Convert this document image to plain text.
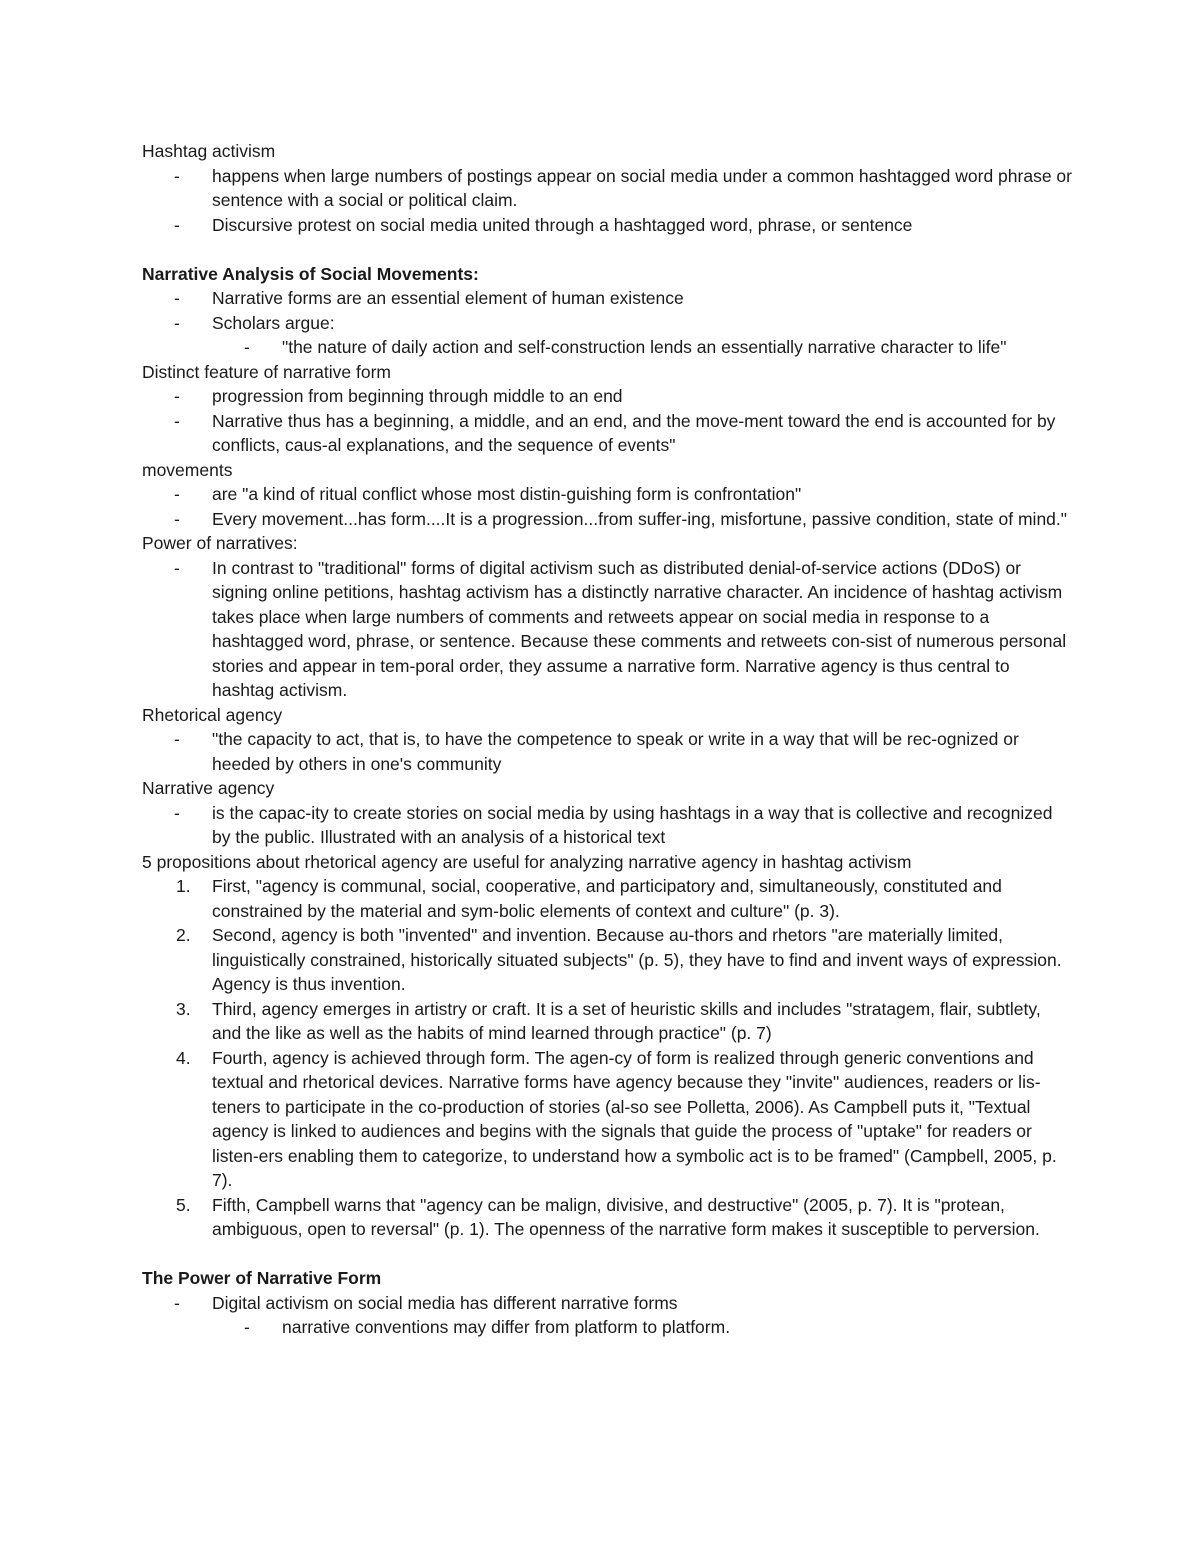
Hashtag activism

- happens when large numbers of postings appear on social media under a common hashtagged word phrase or sentence with a social or political claim.
- Discursive protest on social media united through a hashtagged word, phrase, or sentence

Narrative Analysis of Social Movements:

- Narrative forms are an essential element of human existence
- Scholars argue:
- "the nature of daily action and self-construction lends an essentially narrative character to life"

Distinct feature of narrative form

- progression from beginning through middle to an end
- Narrative thus has a beginning, a middle, and an end, and the move-ment toward the end is accounted for by conflicts, caus-al explanations, and the sequence of events"

movements

- are "a kind of ritual conflict whose most distin-guishing form is confrontation"
- Every movement...has form....It is a progression...from suffer-ing, misfortune, passive condition, state of mind."

Power of narratives:

- In contrast to "traditional" forms of digital activism such as distributed denial-of-service actions (DDoS) or signing online petitions, hashtag activism has a distinctly narrative character. An incidence of hashtag activism takes place when large numbers of comments and retweets appear on social media in response to a hashtagged word, phrase, or sentence. Because these comments and retweets con-sist of numerous personal stories and appear in tem-poral order, they assume a narrative form. Narrative agency is thus central to hashtag activism.

Rhetorical agency

- "the capacity to act, that is, to have the competence to speak or write in a way that will be rec-ognized or heeded by others in one's community

Narrative agency

- is the capac-ity to create stories on social media by using hashtags in a way that is collective and recognized by the public. Illustrated with an analysis of a historical text

5 propositions about rhetorical agency are useful for analyzing narrative agency in hashtag activism

1. First, "agency is communal, social, cooperative, and participatory and, simultaneously, constituted and constrained by the material and sym-bolic elements of context and culture" (p. 3).
2. Second, agency is both "invented" and invention. Because au-thors and rhetors "are materially limited, linguistically constrained, historically situated subjects" (p. 5), they have to find and invent ways of expression. Agency is thus invention.
3. Third, agency emerges in artistry or craft. It is a set of heuristic skills and includes "stratagem, flair, subtlety, and the like as well as the habits of mind learned through practice" (p. 7)
4. Fourth, agency is achieved through form. The agen-cy of form is realized through generic conventions and textual and rhetorical devices. Narrative forms have agency because they "invite" audiences, readers or lis-teners to participate in the co-production of stories (al-so see Polletta, 2006). As Campbell puts it, "Textual agency is linked to audiences and begins with the signals that guide the process of "uptake" for readers or listen-ers enabling them to categorize, to understand how a symbolic act is to be framed" (Campbell, 2005, p. 7).
5. Fifth, Campbell warns that "agency can be malign, divisive, and destructive" (2005, p. 7). It is "protean, ambiguous, open to reversal" (p. 1). The openness of the narrative form makes it susceptible to perversion.

The Power of Narrative Form

- Digital activism on social media has different narrative forms
- narrative conventions may differ from platform to platform.
